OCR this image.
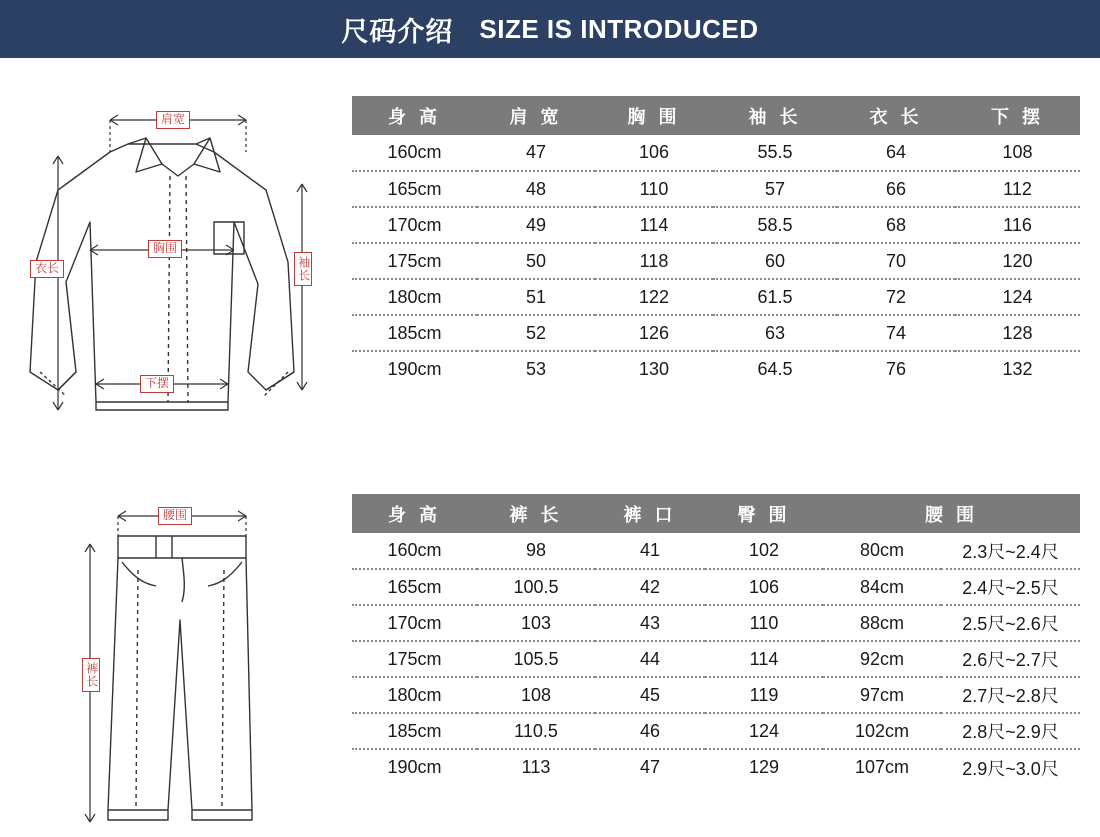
尺码介绍 SIZE IS INTRODUCED
肩宽
胸围
下摆
衣长	袖长
腰围
裤长
身 高	肩 宽	胸 围	袖 长	衣 长	下 摆
160cm	47	106	55.5	64	108
165cm	48	110	57	66	112
170cm	49	114	58.5	68	116
175cm	50	118	60	70	120
180cm	51	122	61.5	72	124
185cm	52	126	63	74	128
190cm	53	130	64.5	76	132
身 高	裤 长	裤 口	臀 围	腰 围	
160cm	98	41	102	80cm	2.3尺~2.4尺
165cm	100.5	42	106	84cm	2.4尺~2.5尺
170cm	103	43	110	88cm	2.5尺~2.6尺
175cm	105.5	44	114	92cm	2.6尺~2.7尺
180cm	108	45	119	97cm	2.7尺~2.8尺
185cm	110.5	46	124	102cm	2.8尺~2.9尺
190cm	113	47	129	107cm	2.9尺~3.0尺
